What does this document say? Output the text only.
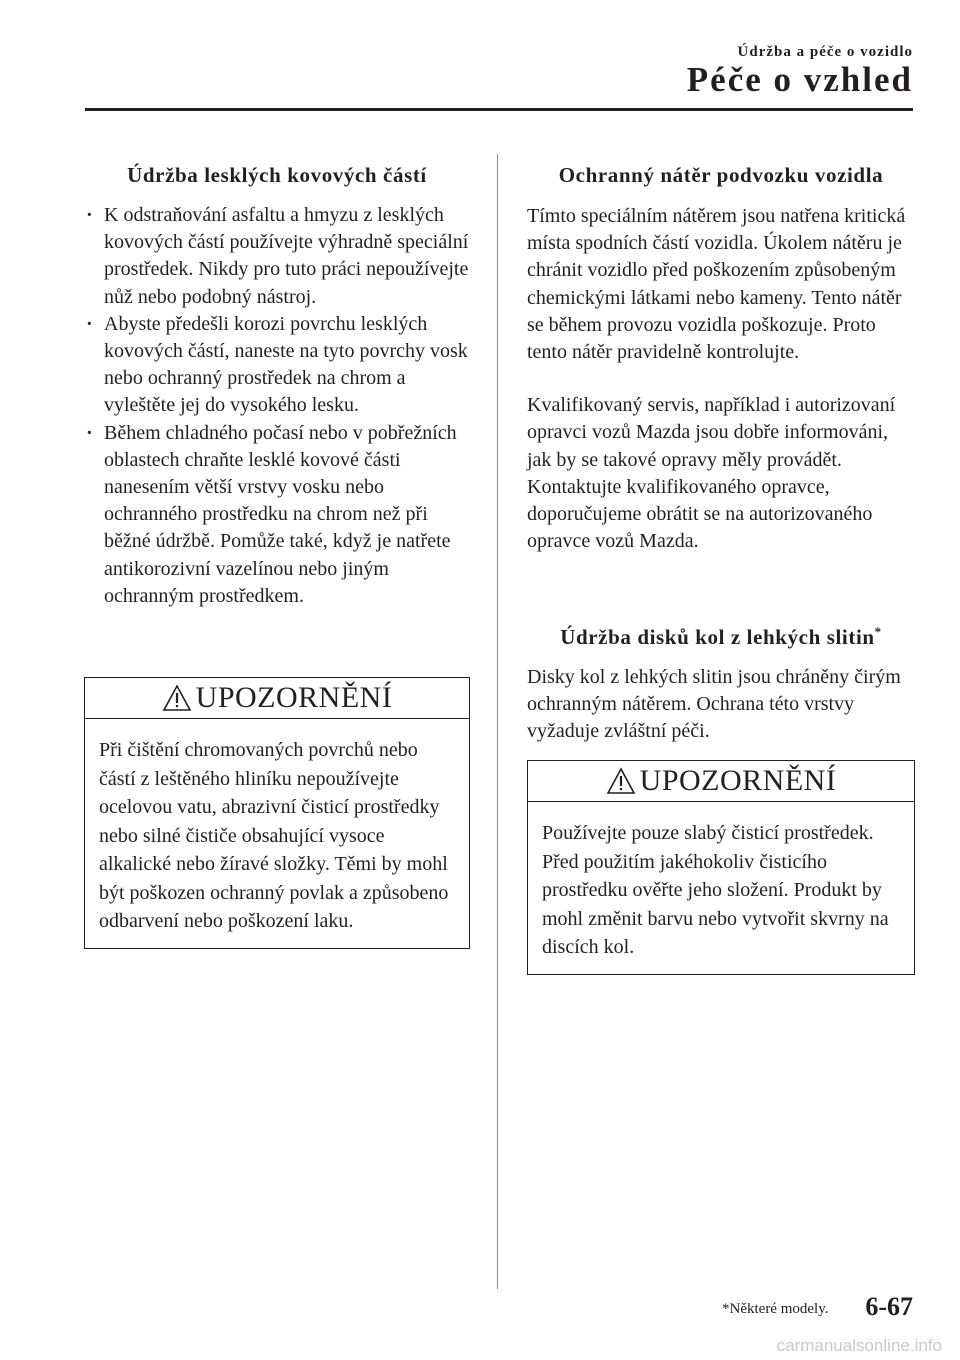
Údržba a péče o vozidlo
Péče o vzhled
Údržba lesklých kovových částí
· K odstraňování asfaltu a hmyzu z lesklých kovových částí používejte výhradně speciální prostředek. Nikdy pro tuto práci nepoužívejte nůž nebo podobný nástroj.
· Abyste předešli korozi povrchu lesklých kovových částí, naneste na tyto povrchy vosk nebo ochranný prostředek na chrom a vyleštěte jej do vysokého lesku.
· Během chladného počasí nebo v pobřežních oblastech chraňte lesklé kovové části nanesením větší vrstvy vosku nebo ochranného prostředku na chrom než při běžné údržbě. Pomůže také, když je natřete antikorozivní vazelínou nebo jiným ochranným prostředkem.
UPOZORNĚNÍ
Při čištění chromovaných povrchů nebo částí z leštěného hliníku nepoužívejte ocelovou vatu, abrazivní čisticí prostředky nebo silné čističe obsahující vysoce alkalické nebo žíravé složky. Těmi by mohl být poškozen ochranný povlak a způsobeno odbarvení nebo poškození laku.
Ochranný nátěr podvozku vozidla

Tímto speciálním nátěrem jsou natřena kritická místa spodních částí vozidla. Úkolem nátěru je chránit vozidlo před poškozením způsobeným chemickými látkami nebo kameny. Tento nátěr se během provozu vozidla poškozuje. Proto tento nátěr pravidelně kontrolujte.

Kvalifikovaný servis, například i autorizovaní opravci vozů Mazda jsou dobře informováni, jak by se takové opravy měly provádět. Kontaktujte kvalifikovaného opravce, doporučujeme obrátit se na autorizovaného opravce vozů Mazda.

Údržba disků kol z lehkých slitin*
Disky kol z lehkých slitin jsou chráněny čirým ochranným nátěrem. Ochrana této vrstvy vyžaduje zvláštní péči.
UPOZORNĚNÍ
Používejte pouze slabý čisticí prostředek. Před použitím jakéhokoliv čisticího prostředku ověřte jeho složení. Produkt by mohl změnit barvu nebo vytvořit skvrny na discích kol.
*Některé modely. 6-67
carmanualsonline.info
